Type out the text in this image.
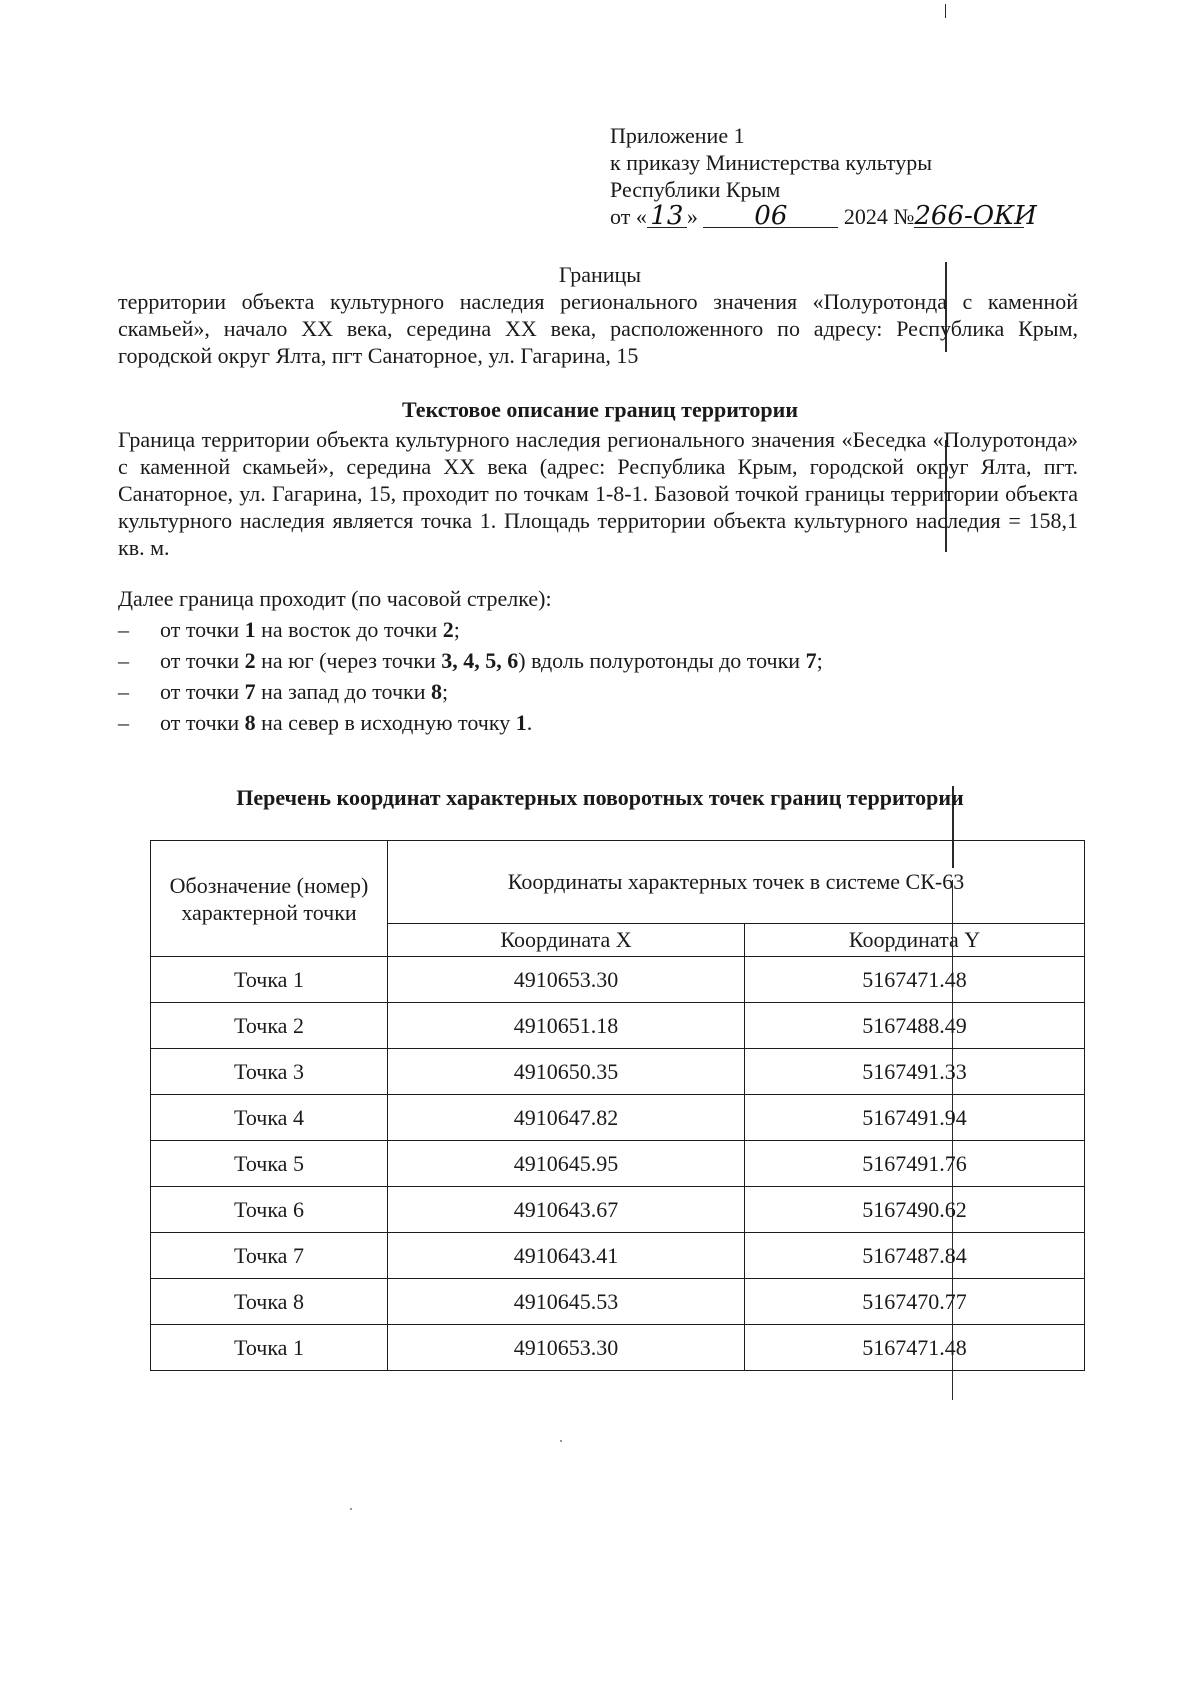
Приложение 1
к приказу Министерства культуры
Республики Крым
от « 13 » 06	2024 №266-ОКИ
Границы
территории объекта культурного наследия регионального значения «Полуротонда с каменной скамьей», начало XX века, середина XX века, расположенного по адресу: Республика Крым, городской округ Ялта, пгт Санаторное, ул. Гагарина, 15
Текстовое описание границ территории
Граница территории объекта культурного наследия регионального значения «Беседка «Полуротонда» с каменной скамьей», середина XX века (адрес: Республика Крым, городской округ Ялта, пгт. Санаторное, ул. Гагарина, 15, проходит по точкам 1-8-1. Базовой точкой границы территории объекта культурного наследия является точка 1. Площадь территории объекта культурного наследия = 158,1 кв. м.
Далее граница проходит (по часовой стрелке):
– от точки 1 на восток до точки 2;
– от точки 2 на юг (через точки 3, 4, 5, 6) вдоль полуротонды до точки 7;
– от точки 7 на запад до точки 8;
– от точки 8 на север в исходную точку 1.
Перечень координат характерных поворотных точек границ территории
Обозначение (номер) характерной точки	Координаты характерных точек в системе СК-63	
	Координата X	Координата Y
Точка 1	4910653.30	5167471.48
Точка 2	4910651.18	5167488.49
Точка 3	4910650.35	5167491.33
Точка 4	4910647.82	5167491.94
Точка 5	4910645.95	5167491.76
Точка 6	4910643.67	5167490.62
Точка 7	4910643.41	5167487.84
Точка 8	4910645.53	5167470.77
Точка 1	4910653.30	5167471.48
